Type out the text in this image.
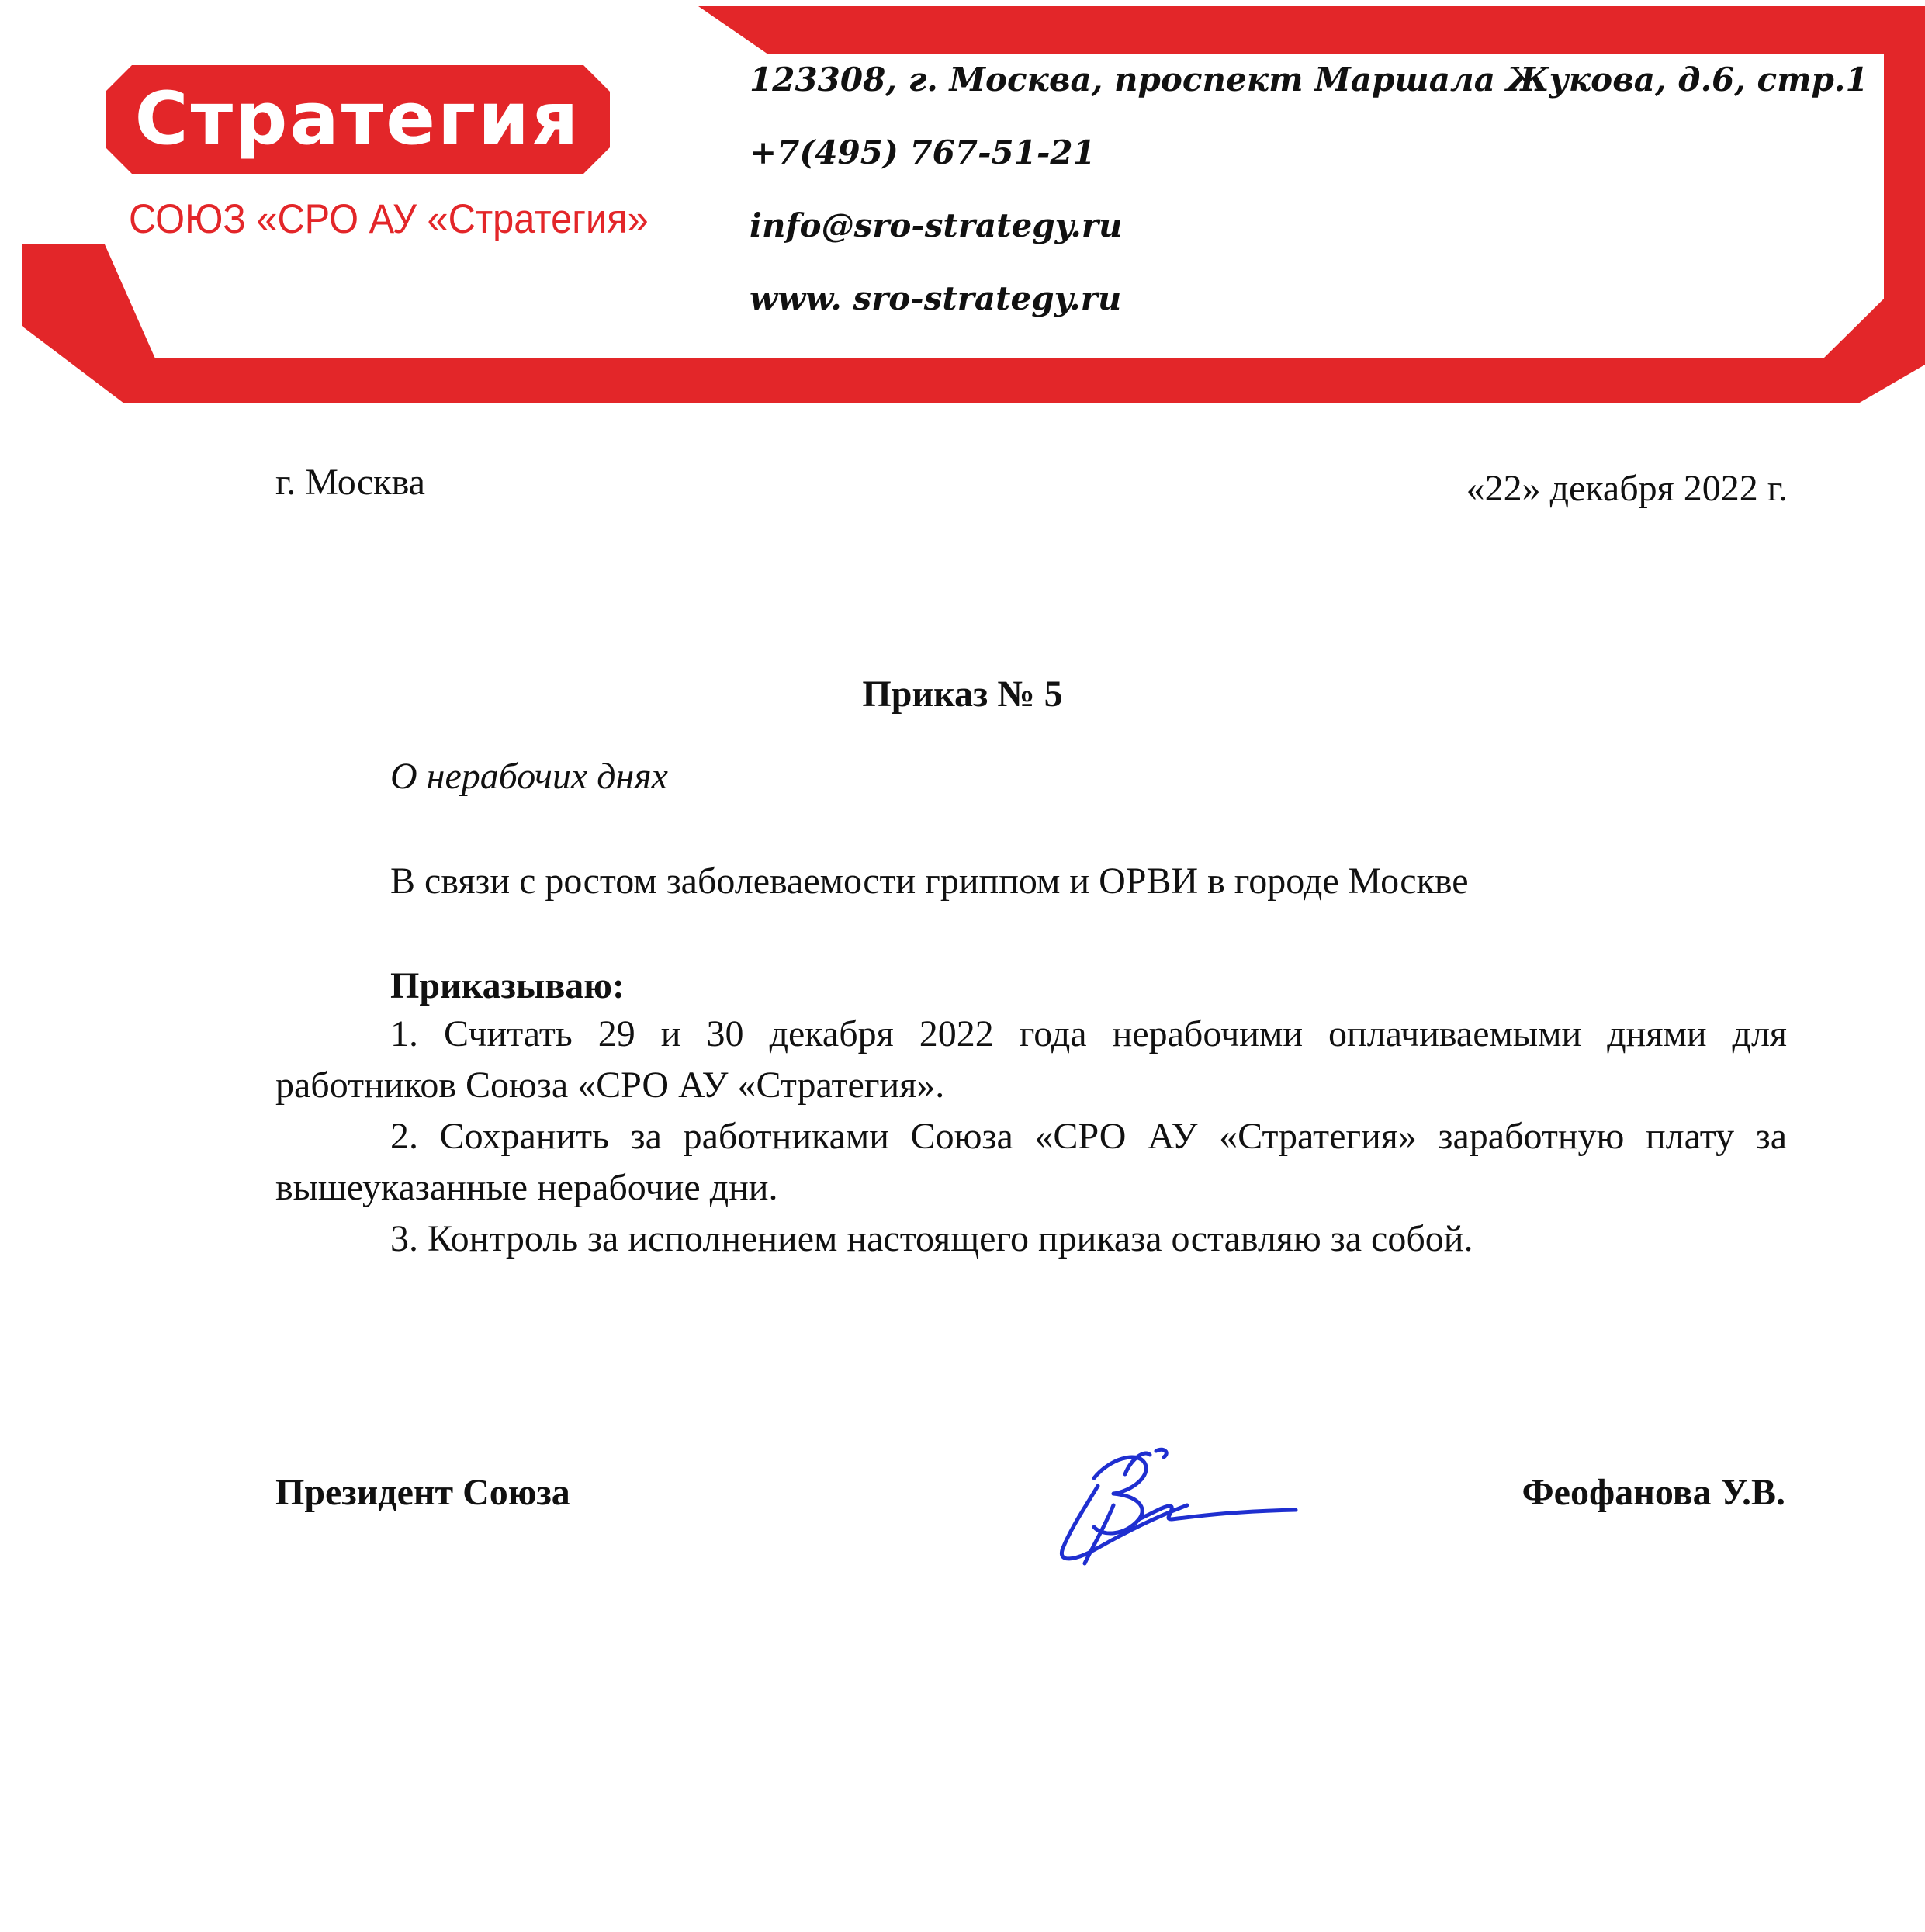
Стратегия
СОЮЗ «СРО АУ «Стратегия»
123308, г. Москва, проспект Маршала Жукова, д.6, стр.1
+7(495) 767-51-21
info@sro-strategy.ru
www. sro-strategy.ru
г. Москва	«22» декабря 2022 г.
Приказ № 5
О нерабочих днях
В связи с ростом заболеваемости гриппом и ОРВИ в городе Москве
Приказываю:

1. Считать 29 и 30 декабря 2022 года нерабочими оплачиваемыми днями для работников Союза «СРО АУ «Стратегия».

2. Сохранить за работниками Союза «СРО АУ «Стратегия» заработную плату за вышеуказанные нерабочие дни.

3. Контроль за исполнением настоящего приказа оставляю за собой.

Президент Союза	Феофанова У.В.
